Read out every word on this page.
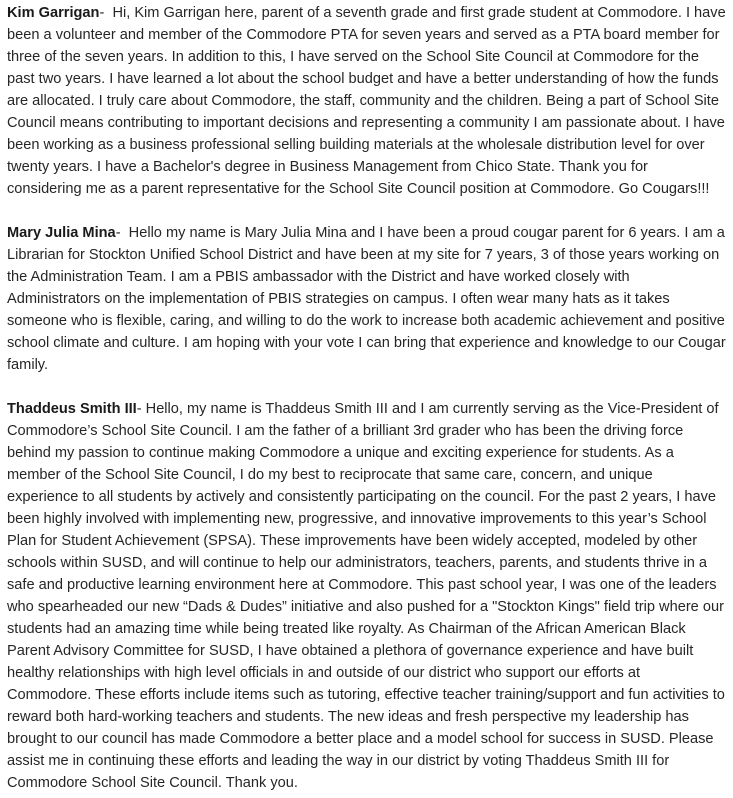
Kim Garrigan-  Hi, Kim Garrigan here, parent of a seventh grade and first grade student at Commodore. I have been a volunteer and member of the Commodore PTA for seven years and served as a PTA board member for three of the seven years. In addition to this, I have served on the School Site Council at Commodore for the past two years. I have learned a lot about the school budget and have a better understanding of how the funds are allocated. I truly care about Commodore, the staff, community and the children. Being a part of School Site Council means contributing to important decisions and representing a community I am passionate about. I have been working as a business professional selling building materials at the wholesale distribution level for over twenty years. I have a Bachelor's degree in Business Management from Chico State. Thank you for considering me as a parent representative for the School Site Council position at Commodore. Go Cougars!!!

Mary Julia Mina-  Hello my name is Mary Julia Mina and I have been a proud cougar parent for 6 years. I am a Librarian for Stockton Unified School District and have been at my site for 7 years, 3 of those years working on the Administration Team. I am a PBIS ambassador with the District and have worked closely with Administrators on the implementation of PBIS strategies on campus. I often wear many hats as it takes someone who is flexible, caring, and willing to do the work to increase both academic achievement and positive school climate and culture. I am hoping with your vote I can bring that experience and knowledge to our Cougar family.

Thaddeus Smith III- Hello, my name is Thaddeus Smith III and I am currently serving as the Vice-President of Commodore’s School Site Council. I am the father of a brilliant 3rd grader who has been the driving force behind my passion to continue making Commodore a unique and exciting experience for students. As a member of the School Site Council, I do my best to reciprocate that same care, concern, and unique experience to all students by actively and consistently participating on the council. For the past 2 years, I have been highly involved with implementing new, progressive, and innovative improvements to this year’s School Plan for Student Achievement (SPSA). These improvements have been widely accepted, modeled by other schools within SUSD, and will continue to help our administrators, teachers, parents, and students thrive in a safe and productive learning environment here at Commodore. This past school year, I was one of the leaders who spearheaded our new “Dads & Dudes” initiative and also pushed for a "Stockton Kings" field trip where our students had an amazing time while being treated like royalty. As Chairman of the African American Black Parent Advisory Committee for SUSD, I have obtained a plethora of governance experience and have built healthy relationships with high level officials in and outside of our district who support our efforts at Commodore. These efforts include items such as tutoring, effective teacher training/support and fun activities to reward both hard-working teachers and students. The new ideas and fresh perspective my leadership has brought to our council has made Commodore a better place and a model school for success in SUSD. Please assist me in continuing these efforts and leading the way in our district by voting Thaddeus Smith III for Commodore School Site Council. Thank you.
